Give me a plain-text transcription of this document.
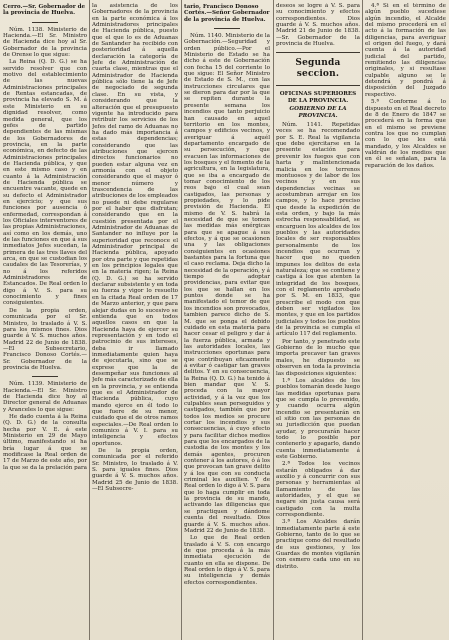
Cerro.—Sr. Gobernador de la provincia de Huelva.

Núm. 1138. Ministerio de Hacienda.—El Sr. Ministro de Hacienda dice hoy al Sr. Gobernador de la provincia de Orense lo que sigue:

La Reina (Q. D. G.) se ha servido resolver que con motivo del establecimiento de las nuevas Administraciones principales de Rentas estancadas, de provincia ha elevado S. M. á este Ministerio en su dignidad resolver, como medida general, que los gefes de partido dependientes de las mismas de los Gobernadores de provincia, en la parte económica, en defecto de las Administraciones principales de Hacienda pública, y que en este mismo caso y en cuanto á la Administración de Hacienda pública se encuentre vacante, quede en su defecto el Administrador en ejercicio; y que sus funciones por ausencia ó enfermedad, correspondan á los Oficiales interventores de las propias Administraciones, así como en los demás, uno de las funciones en que á sus inmediatos Jefes sucedan, la primera de las tres llaves del arca, en que se custodian los caudales de las Tesorerías, y no á los referidos Administradores de Estancados. De Real orden lo digo á V. S. para su conocimiento y fines consiguientes.

De la propia orden, comunicada por el Sr. Ministro, lo traslado á V. S. para los mismos fines. Dios guarde á V. S. muchos años. Madrid 22 de Junio de 1838.—El Subsecretario, Francisco Donoso Cortés.—Sr. Gobernador de la provincia de Huelva.

Núm. 1139. Ministerio de Hacienda.—El Sr. Ministro de Hacienda dice hoy al Director general de Aduanas y Aranceles lo que sigue:

He dado cuenta á la Reina (Q. D. G.) de la consulta hecha por V. E. á este Ministerio en 29 de Mayo último, manifestando si ha bría lugar á que se modificase la Real orden de 17 de Marzo de este año, por la que se da la prelación para

la asistencia de los Gobernadores de la provincia en la parte económica á los Administradores principales de Hacienda pública, puesto que el que lo es de Aduanas de Santander ha recibido con posterioridad á aquella declaración la categoría de Jefe de Administración de cuarta clase, mientras que el Administrador de Hacienda pública sólo tiene la de Jefe de negociado de segunda clase. En su vista, y considerando que la alteración que el presupuesto vigente ha introducido para retribuir los servicios de los Jefes del ramo de Aduanas no ha dado más importancia á estas dependencias; considerando que las atribuciones que ejercen directos funcionarios no pueden estar alguna vez en armonía con el objeto considerando que el mayor ó menor número y trascendencia de las atribuciones de los empleados no puede ni debe regularse por el haber que disfrutan; considerando que en la cuestión presentada por el Administrador de Aduanas de Santander no influye por la superioridad que reconoce el Administrador principal de Hacienda pública, apoyado por otra parte y que repetidas en los principios legales que en la materia rigen; la Reina (Q. D. G.) se ha servido declarar subsistente y en toda su fuerza y vigor lo resuelto en la citada Real orden de 17 de Marzo anterior, y que para alejar dudas en lo sucesivo se entienda que en todos aquellos casos en que la Hacienda haya de ejercer su representación y en todo el patrocinio de sus intereses, deba ir llamado inmediatamente quien haya de ejecutarla, sino que se exprese que la de desempeñar sus funciones al Jefe más caracterizado de ella en la provincia, y se entienda que es el Administrador de Hacienda pública, cuyo mando ejerce en él todo lo que fuere de su menor, cuidado que el de otros ramos especiales.—De Real orden lo comunico á V. I. para su inteligencia y efectos oportunos.

De la propia orden, comunicada por el referido Sr. Ministro, lo traslado á V. S. para iguales fines. Dios guarde á V. S. muchos años. Madrid 25 de Junio de 1838.—El Subsecre-

tario, Francisco Donoso Cortés.—Señor Gobernador de la provincia de Huelva.

Núm. 1140. Ministerio de la Gobernación.—Seguridad y orden público.—Por el Ministerio de Estado se ha dicho á este de Gobernación con fecha 15 del corriente lo que sigue: El Señor Ministro de Estado de S. M., con las instrucciones circulares que se dieron para dar por la que se repiten durante la presente semana los incendios que tanto perjuicio han causado en aquel territorio en los montes, campos y edificios vecinos, y averiguar á aquél departamento encargado de su persecución, y que evacuen las informaciones de los bosques y el fomento de la agricultura, en la legislatura, que se iba a encargado de tomar conocimiento de los reos bajo el cual sean castigados, las personas y propiedades, y lo pide previsión de Hacienda. El mismo de V. S. habrá la necesidad de que se tomen las medidas más enérgicas para que se apague á sus efectos, y á que se ocasionen una y las obligaciones consiguientes en ocasiones bastantes para la fortuna que el caso reclama. Deja dicho la necesidad de la operación, y á tiempo de adoptar providencias, para evitar que los que se hallan en los puntos donde se ha manifestado el temor de que los incendios son provocados, tambien parece dicho de S. M. que se ponga el debido cuidado en esta materia para hacer cesar el peligro y dar á la fuerza pública, armada y las autoridades locales, las instrucciones oportunas para que contribuyan eficazmente á evitar ó castigar tan graves delitos. Y en su consecuencia, la Reina (Q. D. G.) ha tenido á bien mandar que V. S. proceda con la mayor actividad, y á la vez que los culpables sean perseguidos y castigados, también que por todos los medios se procure cortar los incendios y sus consecuencias, á cuyo efecto y para facilitar dichos medios para que los encargados de la custodia de los montes y los demás agentes, procuren contener á los autores, ó á los que provocan tan grave delito y á los que con su conducta criminal les auxilien. Y de Real orden lo digo á V. S. para que lo haga cumplir en toda la provincia de su mando, activando las diligencias que se practiquen y dándome cuenta del resultado. Dios guarde á V. S. muchos años. Madrid 22 de Junio de 1838.

Lo que de Real orden traslado á V. S. con encargo de que proceda á la más inmediata ejecución de cuanto en ella se dispone. De Real orden lo digo á V. S. para su inteligencia y demás efectos correspondientes.

deseos se logre á V. S. para su conocimiento y efectos correspondientes. Dios guarde á V. S. muchos años. Madrid 21 de Junio de 1838.—Sr. Gobernador de la provincia de Huelva.

Segunda seccion.

OFICINAS SUPERIORES DE LA PROVINCIA.

GOBIERNO DE LA PROVINCIA.

Núm. 1141. Repetidas veces se ha recomendado por S. E. Real la vigilancia que debe ejercitarse en la presente estación para prevenir los fuegos que con harta y malintencionada malicia en los terrenos montuosos y de labor de los vecinos y en sus dependencias vecinas se acostumbran arrojar en los campos, y lo hace preciso que desde la expedición de esta orden, y bajo la más estrecha responsabilidad, se encarguen los alcaldes de los pueblos y las autoridades locales de ser responsables personalmente de los incendios que ocurran y hacer que no queden impunes los delitos de esta naturaleza; que se contiene y castiga á los que atenten la integridad de los bosques, con el reglamento aprobado por S. M. en 1833, que prescribe el modo con que deben ser vigilados los montes, y que en los partidos judiciales y todos los pueblos de la provincia se cumpla el artículo 117 del reglamento.

Por tanto, y penetrado este Gobierno de lo mucho que importa precaver tan graves males, he dispuesto se observen en toda la provincia las disposiciones siguientes:

1.ª Los alcaldes de los pueblos tomarán desde luego las medidas oportunas para que se cumpla lo prevenido, y cuando ocurra algún incendio se presentarán en el sitio con las personas de su jurisdicción que puedan ayudar, y procurarán hacer todo lo posible por contenerlo y apagarlo, dando cuenta inmediatamente á este Gobierno.

2.ª Todos los vecinos estarán obligados á dar auxilio y á concurrir con sus personas y herramientas al llamamiento de las autoridades, y el que se negare sin justa causa será castigado con la multa correspondiente.

3.ª Los Alcaldes darán inmediatamente parte á este Gobierno, tanto de lo que se practique como del resultado de sus gestiones, y los Guardas de montes vigilarán con esmero cada uno en su distrito.

4.ª Si en el término de algún pueblo sucediese algún incendio, el Alcalde del mismo procederá en el acto á la formación de las diligencias, para averiguar el origen del fuego, y dará cuenta á la autoridad judicial del partido, remitiendo las diligencias originales, y si resultase culpable alguno se le detendrá y pondrá á disposición del Juzgado respectivo.

5.ª Conforme á lo dispuesto en el Real decreto de 8 de Enero de 1847 se procederá en la forma que en el mismo se previene contra los que no cumplan con lo que les está mandado, y los Alcaldes se valdrán de los medios que en él se señalan, para la reparación de los daños.
